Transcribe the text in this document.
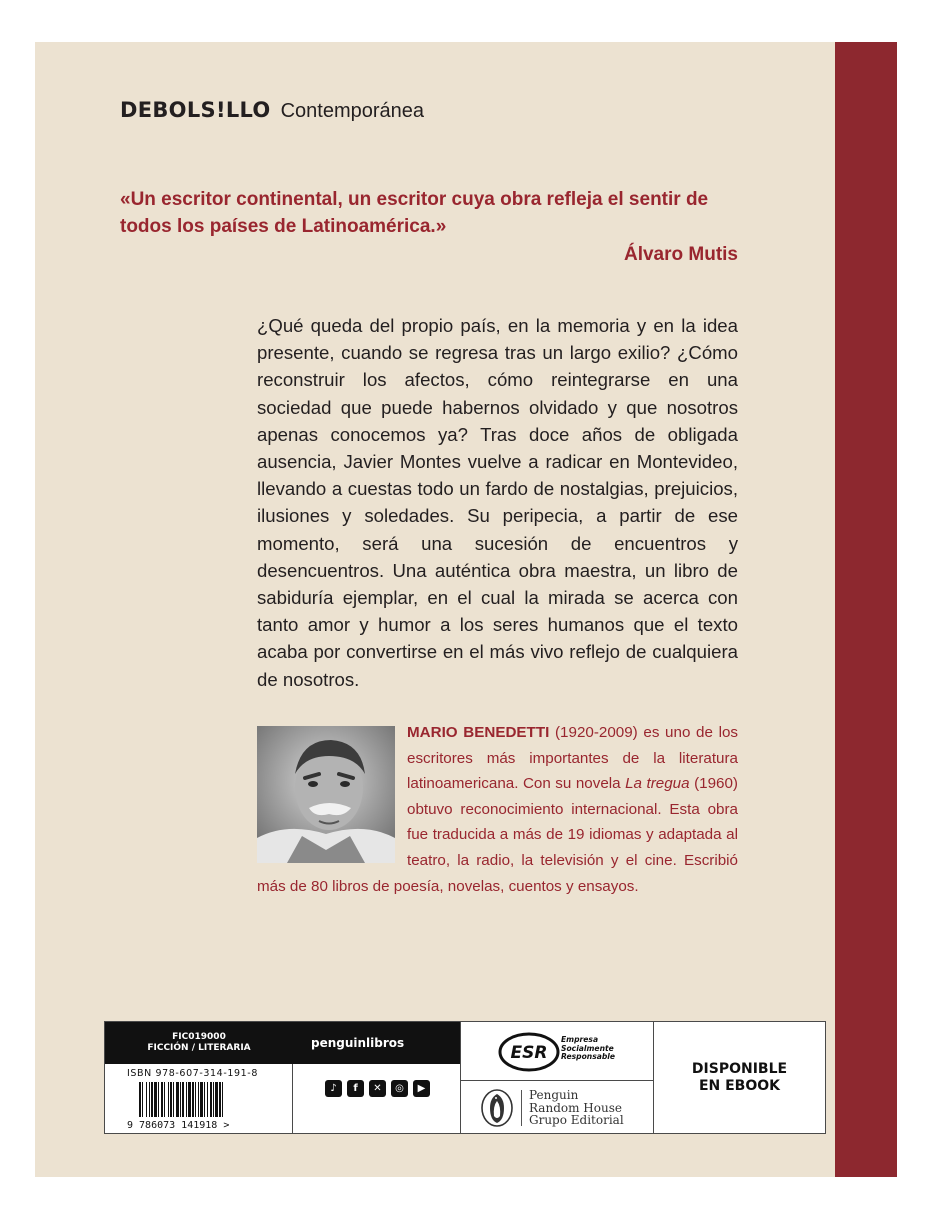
DEBOLS!LLO Contemporánea
«Un escritor continental, un escritor cuya obra refleja el sentir de todos los países de Latinoamérica.»
Álvaro Mutis
¿Qué queda del propio país, en la memoria y en la idea presente, cuando se regresa tras un largo exilio? ¿Cómo reconstruir los afectos, cómo reintegrarse en una sociedad que puede habernos olvidado y que nosotros apenas conocemos ya? Tras doce años de obligada ausencia, Javier Montes vuelve a radicar en Montevideo, llevando a cuestas todo un fardo de nostalgias, prejuicios, ilusiones y soledades. Su peripecia, a partir de ese momento, será una sucesión de encuentros y desencuentros. Una auténtica obra maestra, un libro de sabiduría ejemplar, en el cual la mirada se acerca con tanto amor y humor a los seres humanos que el texto acaba por convertirse en el más vivo reflejo de cualquiera de nosotros.
MARIO BENEDETTI (1920-2009) es uno de los escritores más importantes de la literatura latinoamericana. Con su novela La tregua (1960) obtuvo reconocimiento internacional. Esta obra fue traducida a más de 19 idiomas y adaptada al teatro, la radio, la televisión y el cine. Escribió más de 80 libros de poesía, novelas, cuentos y ensayos.
FIC019000
FICCIÓN / LITERARIA
ISBN 978-607-314-191-8
9 786073 141918 >
penguinlibros
♪	f	✕	◎	▶
ESR
Empresa Socialmente Responsable
Penguin
Random House
Grupo Editorial
DISPONIBLE EN EBOOK
